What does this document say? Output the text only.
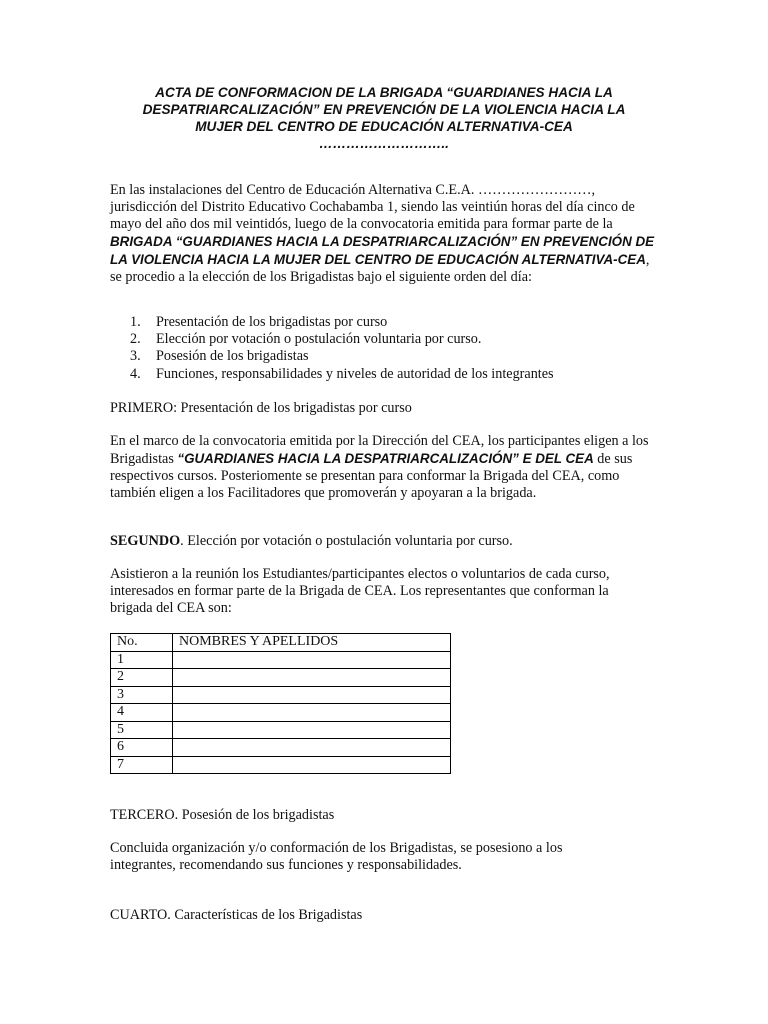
ACTA DE CONFORMACION DE LA BRIGADA “GUARDIANES HACIA LA
DESPATRIARCALIZACIÓN” EN PREVENCIÓN DE LA VIOLENCIA HACIA LA
MUJER DEL CENTRO DE EDUCACIÓN ALTERNATIVA-CEA
………………………..
En las instalaciones del Centro de Educación Alternativa C.E.A. ……………………, jurisdicción del Distrito Educativo Cochabamba 1, siendo las veintiún horas del día cinco de mayo del año dos mil veintidós, luego de la convocatoria emitida para formar parte de la BRIGADA “GUARDIANES HACIA LA DESPATRIARCALIZACIÓN” EN PREVENCIÓN DE LA VIOLENCIA HACIA LA MUJER DEL CENTRO DE EDUCACIÓN ALTERNATIVA-CEA, se procedio a la elección de los Brigadistas bajo el siguiente orden del día:
1. Presentación de los brigadistas por curso
2. Elección por votación o postulación voluntaria por curso.
3. Posesión de los brigadistas
4. Funciones, responsabilidades y niveles de autoridad de los integrantes
PRIMERO: Presentación de los brigadistas por curso
En el marco de la convocatoria emitida por la Dirección del CEA, los participantes eligen a los Brigadistas “GUARDIANES HACIA LA DESPATRIARCALIZACIÓN” E DEL CEA de sus respectivos cursos. Posteriomente se presentan para conformar la Brigada del CEA, como también eligen a los Facilitadores que promoverán y apoyaran a la brigada.
SEGUNDO. Elección por votación o postulación voluntaria por curso.
Asistieron a la reunión los Estudiantes/participantes electos o voluntarios de cada curso, interesados en formar parte de la Brigada de CEA. Los representantes que conforman la brigada del CEA son:
No.	NOMBRES Y APELLIDOS
1	
2	
3	
4	
5	
6	
7	
TERCERO. Posesión de los brigadistas
Concluida organización y/o conformación de los Brigadistas, se posesiono a los integrantes, recomendando sus funciones y responsabilidades.
CUARTO. Características de los Brigadistas
